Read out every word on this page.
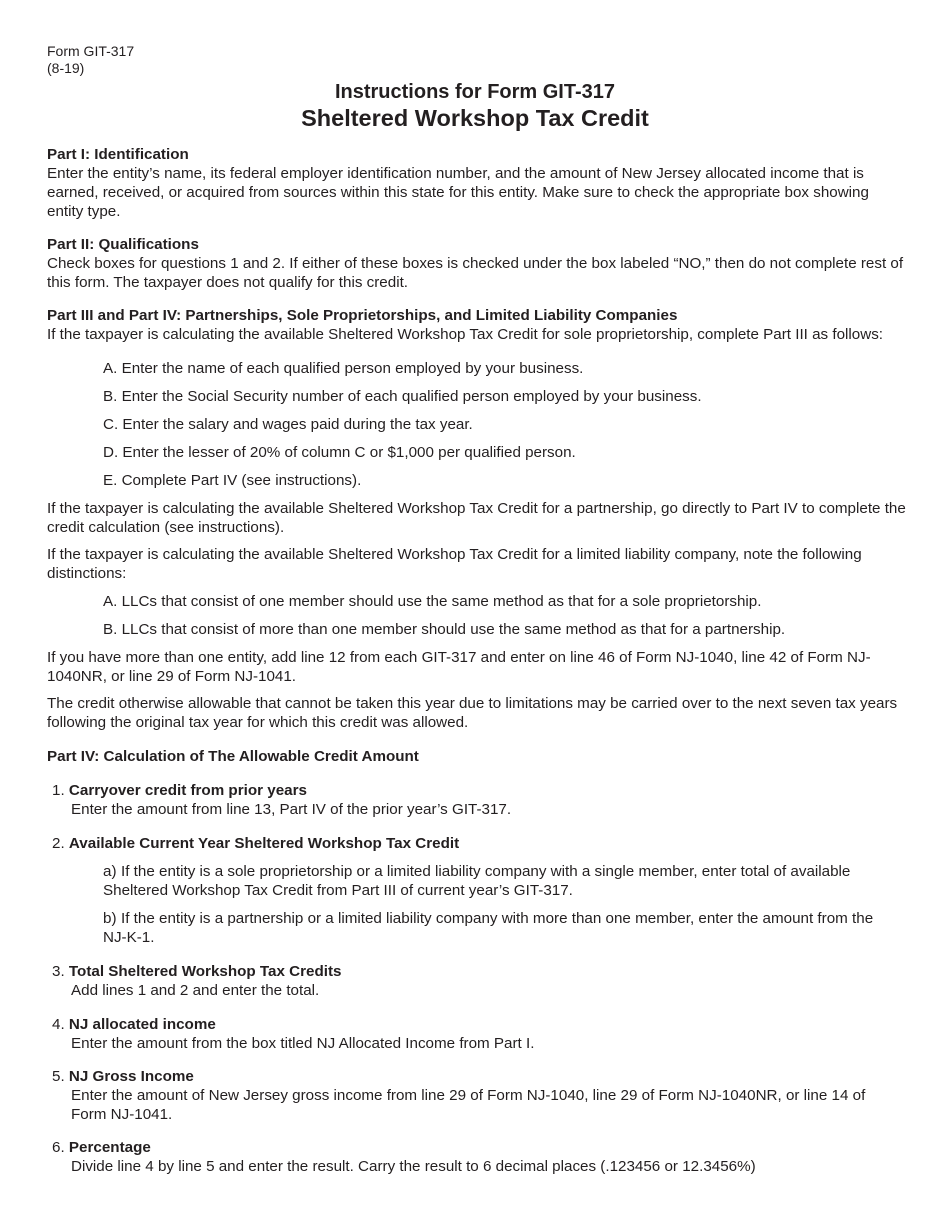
Form GIT-317
(8-19)
Instructions for Form GIT-317
Sheltered Workshop Tax Credit
Part I: Identification

Enter the entity’s name, its federal employer identification number, and the amount of New Jersey allocated income that is earned, received, or acquired from sources within this state for this entity. Make sure to check the appropriate box showing entity type.

Part II: Qualifications

Check boxes for questions 1 and 2. If either of these boxes is checked under the box labeled “NO,” then do not complete rest of this form. The taxpayer does not qualify for this credit.

Part III and Part IV: Partnerships, Sole Proprietorships, and Limited Liability Companies

If the taxpayer is calculating the available Sheltered Workshop Tax Credit for sole proprietorship, complete Part III as follows:

A. Enter the name of each qualified person employed by your business.
B. Enter the Social Security number of each qualified person employed by your business.
C. Enter the salary and wages paid during the tax year.
D. Enter the lesser of 20% of column C or $1,000 per qualified person.
E. Complete Part IV (see instructions).

If the taxpayer is calculating the available Sheltered Workshop Tax Credit for a partnership, go directly to Part IV to complete the credit calculation (see instructions).

If the taxpayer is calculating the available Sheltered Workshop Tax Credit for a limited liability company, note the following distinctions:

A. LLCs that consist of one member should use the same method as that for a sole proprietorship.
B. LLCs that consist of more than one member should use the same method as that for a partnership.

If you have more than one entity, add line 12 from each GIT-317 and enter on line 46 of Form NJ-1040, line 42 of Form NJ-1040NR, or line 29 of Form NJ-1041.

The credit otherwise allowable that cannot be taken this year due to limitations may be carried over to the next seven tax years following the original tax year for which this credit was allowed.

Part IV: Calculation of The Allowable Credit Amount
1. Carryover credit from prior years
Enter the amount from line 13, Part IV of the prior year’s GIT-317.
2. Available Current Year Sheltered Workshop Tax Credit
a) If the entity is a sole proprietorship or a limited liability company with a single member, enter total of available Sheltered Workshop Tax Credit from Part III of current year’s GIT-317.
b) If the entity is a partnership or a limited liability company with more than one member, enter the amount from the NJ-K-1.
3. Total Sheltered Workshop Tax Credits
Add lines 1 and 2 and enter the total.
4. NJ allocated income
Enter the amount from the box titled NJ Allocated Income from Part I.
5. NJ Gross Income
Enter the amount of New Jersey gross income from line 29 of Form NJ-1040, line 29 of Form NJ-1040NR, or line 14 of Form NJ-1041.
6. Percentage
Divide line 4 by line 5 and enter the result. Carry the result to 6 decimal places (.123456 or 12.3456%)
